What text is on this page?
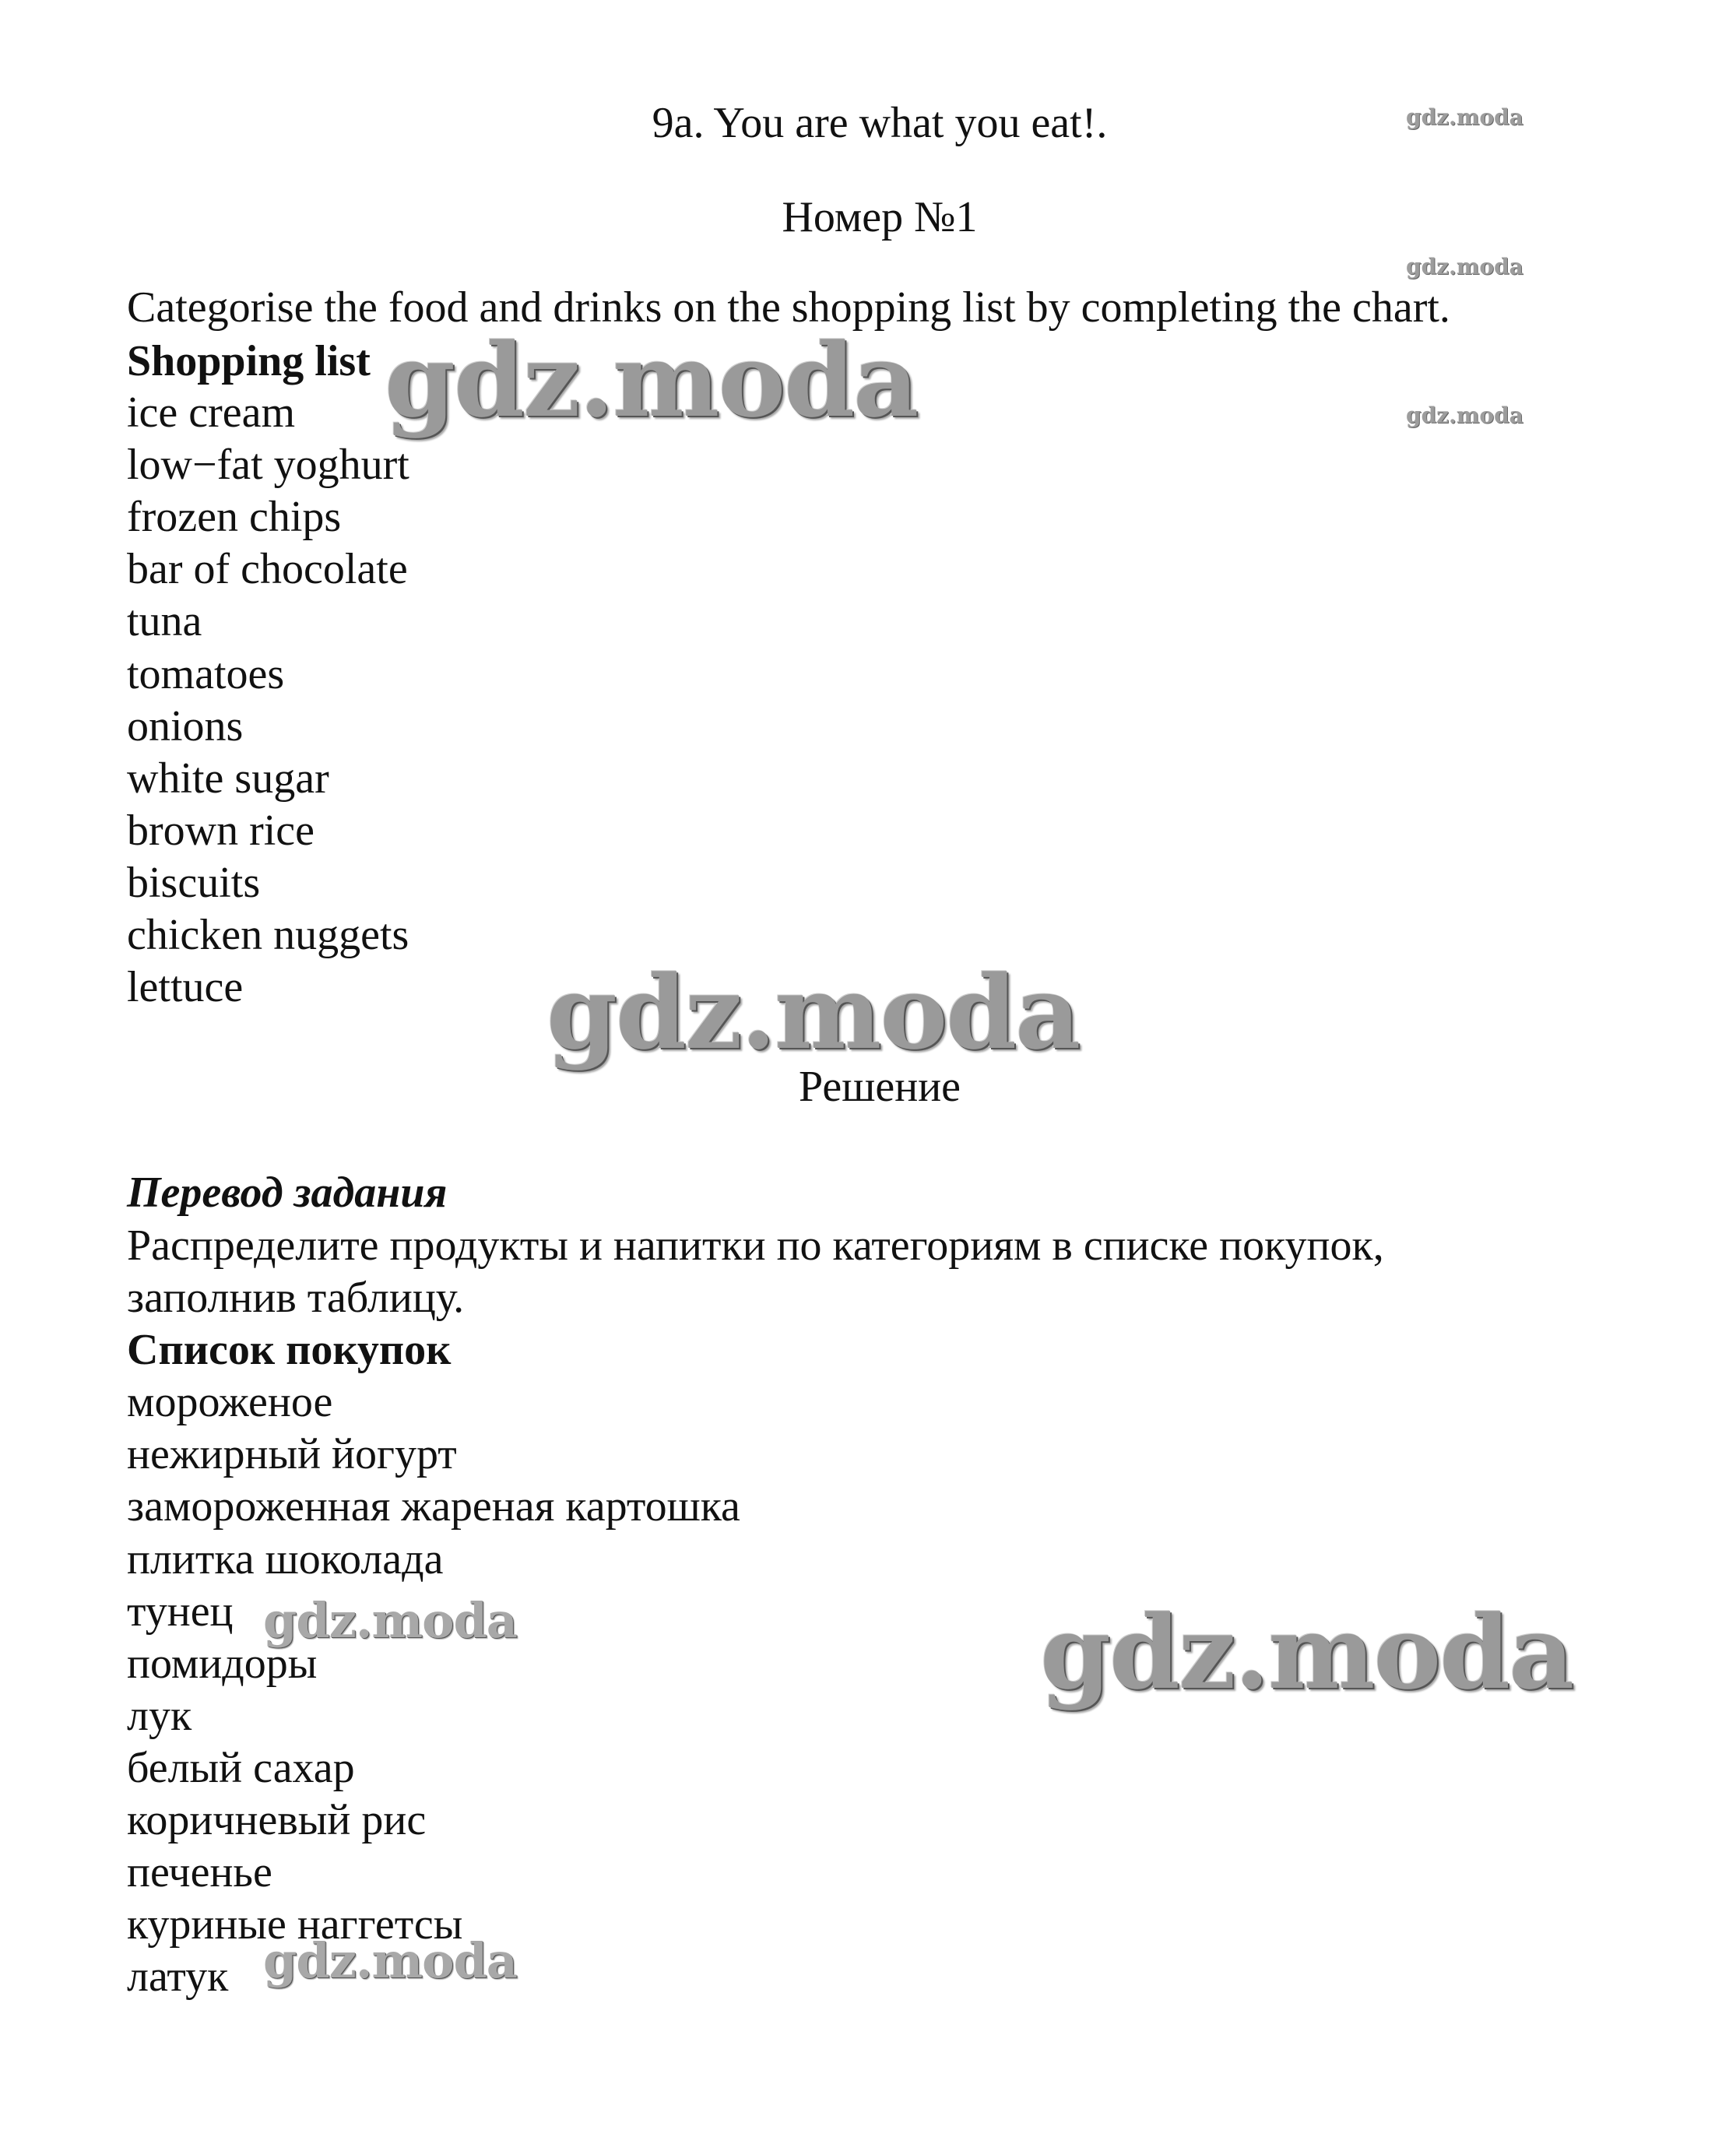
9a. You are what you eat!.
Номер №1
Categorise the food and drinks on the shopping list by completing the chart.
Shopping list
ice cream
low−fat yoghurt
frozen chips
bar of chocolate
tuna
tomatoes
onions
white sugar
brown rice
biscuits
chicken nuggets
lettuce
Решение
Перевод задания
Распределите продукты и напитки по категориям в списке покупок,
заполнив таблицу.
Список покупок
мороженое
нежирный йогурт
замороженная жареная картошка
плитка шоколада
тунец
помидоры
лук
белый сахар
коричневый рис
печенье
куриные наггетсы
латук
gdz.moda
gdz.moda
gdz.moda
gdz.moda
gdz.moda
gdz.moda	gdz.moda
gdz.moda
